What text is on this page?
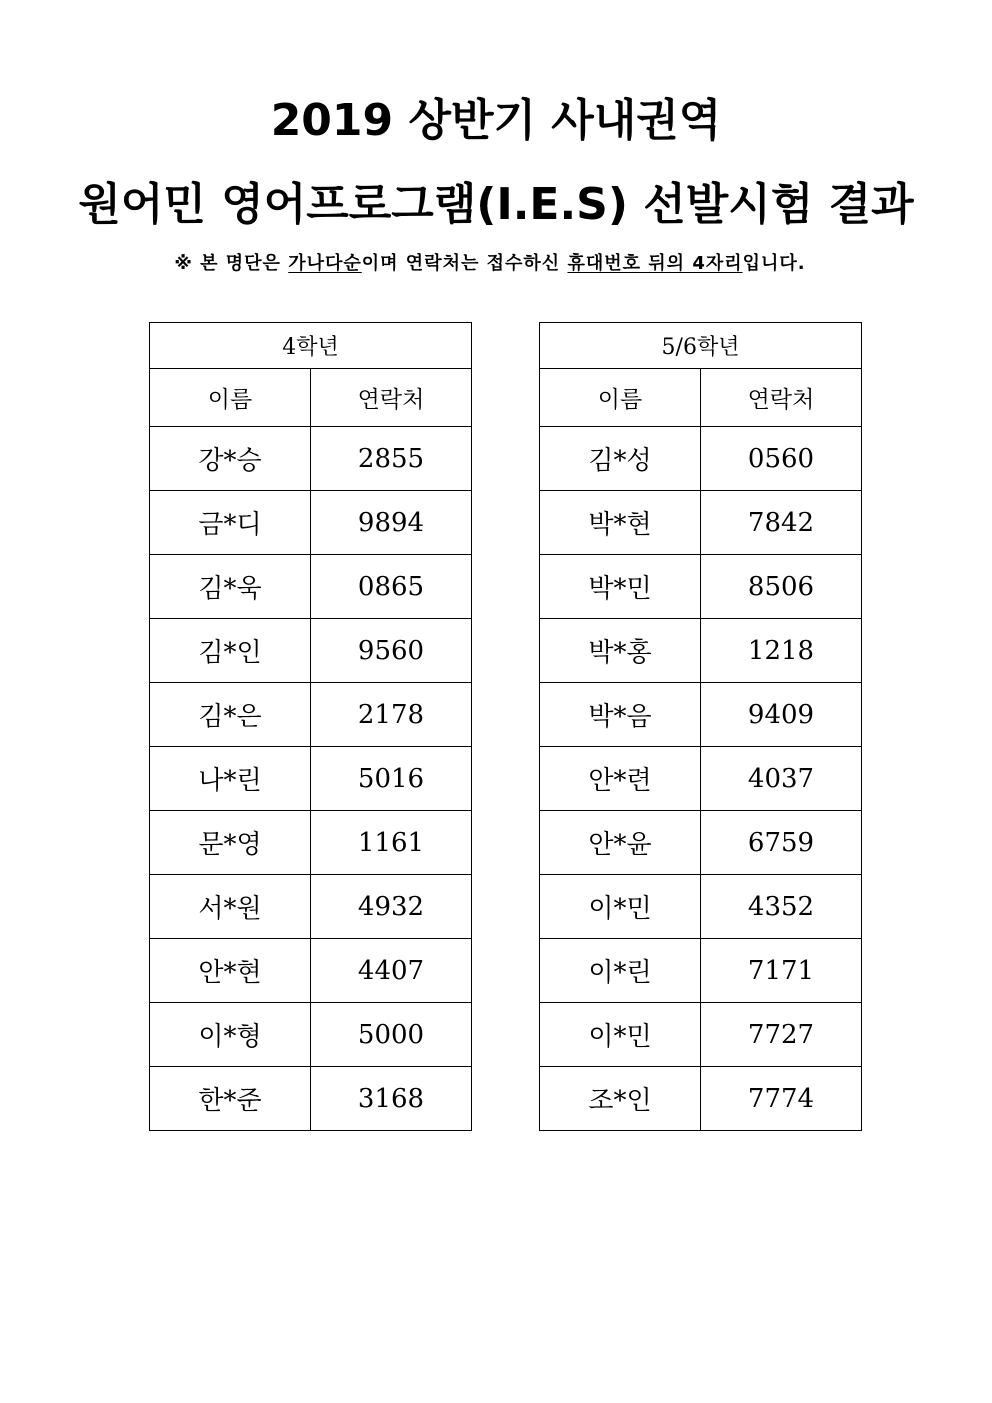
2019 상반기 사내권역
원어민 영어프로그램(I.E.S) 선발시험 결과
※ 본 명단은 가나다순이며 연락처는 접수하신 휴대번호 뒤의 4자리입니다.
4학년	
이름	연락처
강*승	2855
금*디	9894
김*욱	0865
김*인	9560
김*은	2178
나*린	5016
문*영	1161
서*원	4932
안*현	4407
이*형	5000
한*준	3168
5/6학년	
이름	연락처
김*성	0560
박*현	7842
박*민	8506
박*홍	1218
박*음	9409
안*련	4037
안*윤	6759
이*민	4352
이*린	7171
이*민	7727
조*인	7774
